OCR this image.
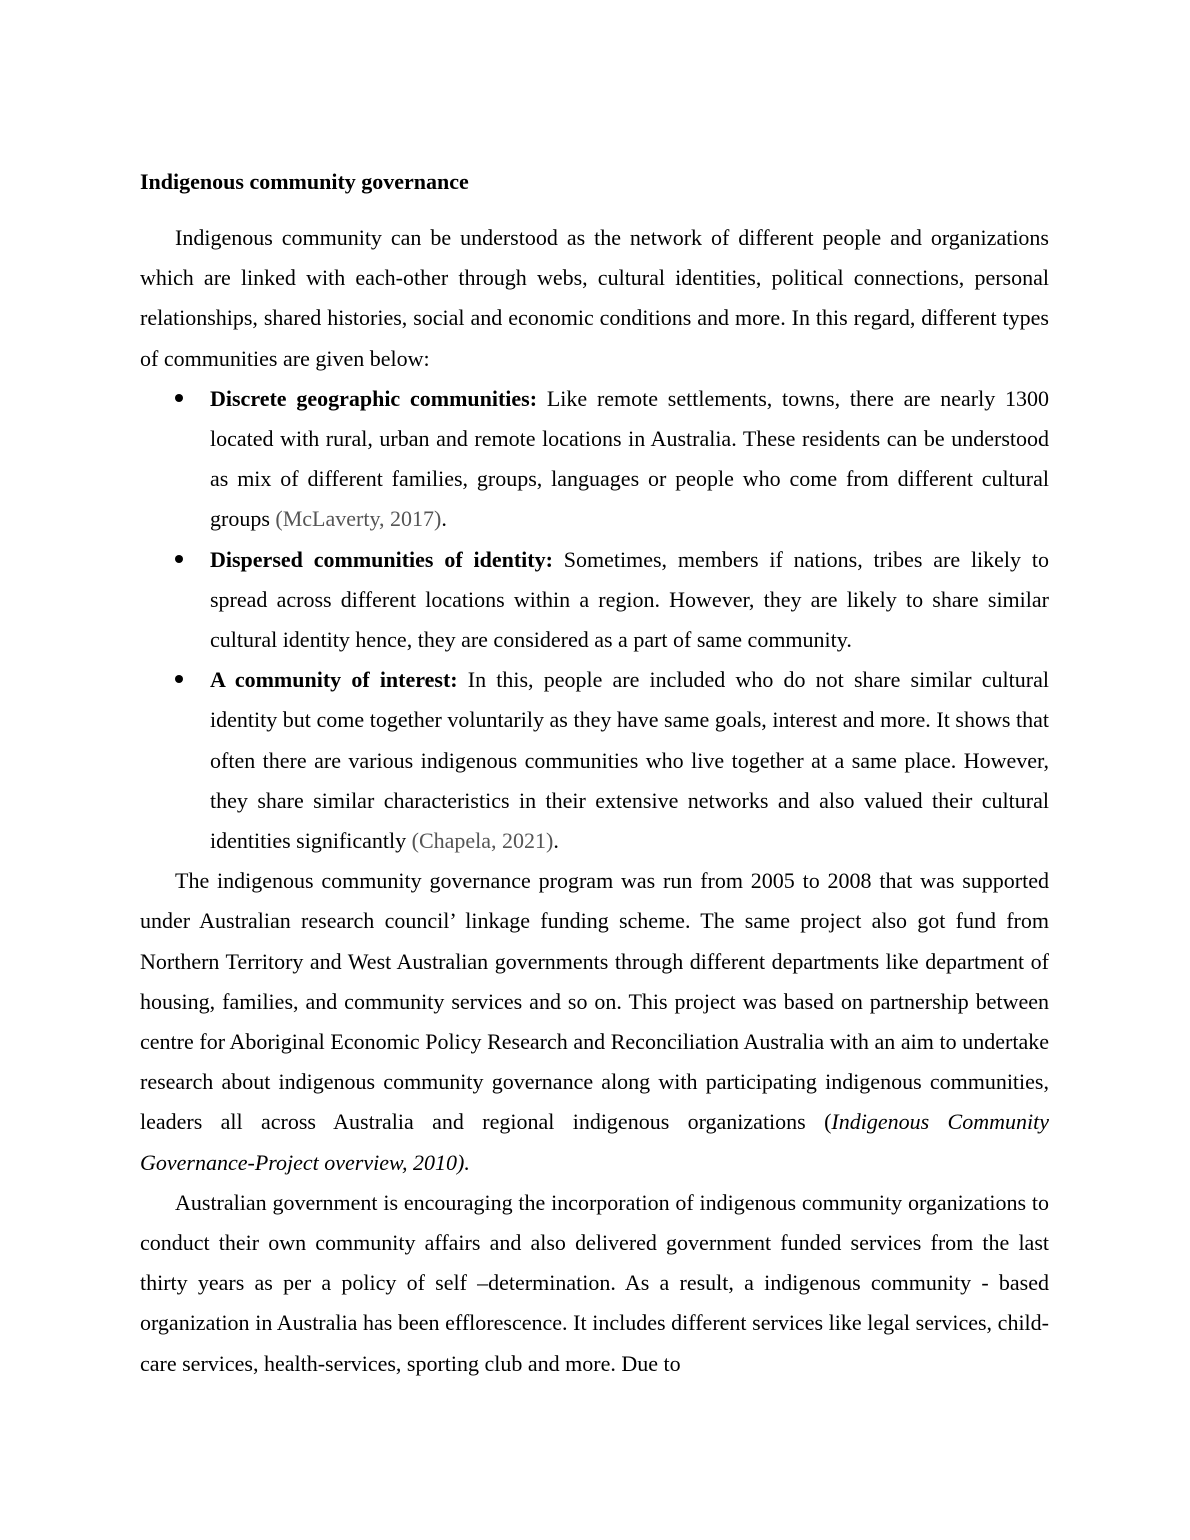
Indigenous community governance

Indigenous community can be understood as the network of different people and organizations which are linked with each-other through webs, cultural identities, political connections, personal relationships, shared histories, social and economic conditions and more. In this regard, different types of communities are given below:

Discrete geographic communities: Like remote settlements, towns, there are nearly 1300 located with rural, urban and remote locations in Australia. These residents can be understood as mix of different families, groups, languages or people who come from different cultural groups (McLaverty, 2017).
Dispersed communities of identity: Sometimes, members if nations, tribes are likely to spread across different locations within a region. However, they are likely to share similar cultural identity hence, they are considered as a part of same community.
A community of interest: In this, people are included who do not share similar cultural identity but come together voluntarily as they have same goals, interest and more. It shows that often there are various indigenous communities who live together at a same place. However, they share similar characteristics in their extensive networks and also valued their cultural identities significantly (Chapela, 2021).

The indigenous community governance program was run from 2005 to 2008 that was supported under Australian research council’ linkage funding scheme. The same project also got fund from Northern Territory and West Australian governments through different departments like department of housing, families, and community services and so on. This project was based on partnership between centre for Aboriginal Economic Policy Research and Reconciliation Australia with an aim to undertake research about indigenous community governance along with participating indigenous communities, leaders all across Australia and regional indigenous organizations (Indigenous Community Governance-Project overview, 2010).

Australian government is encouraging the incorporation of indigenous community organizations to conduct their own community affairs and also delivered government funded services from the last thirty years as per a policy of self –determination. As a result, a indigenous community - based organization in Australia has been efflorescence. It includes different services like legal services, child-care services, health-services, sporting club and more. Due to
